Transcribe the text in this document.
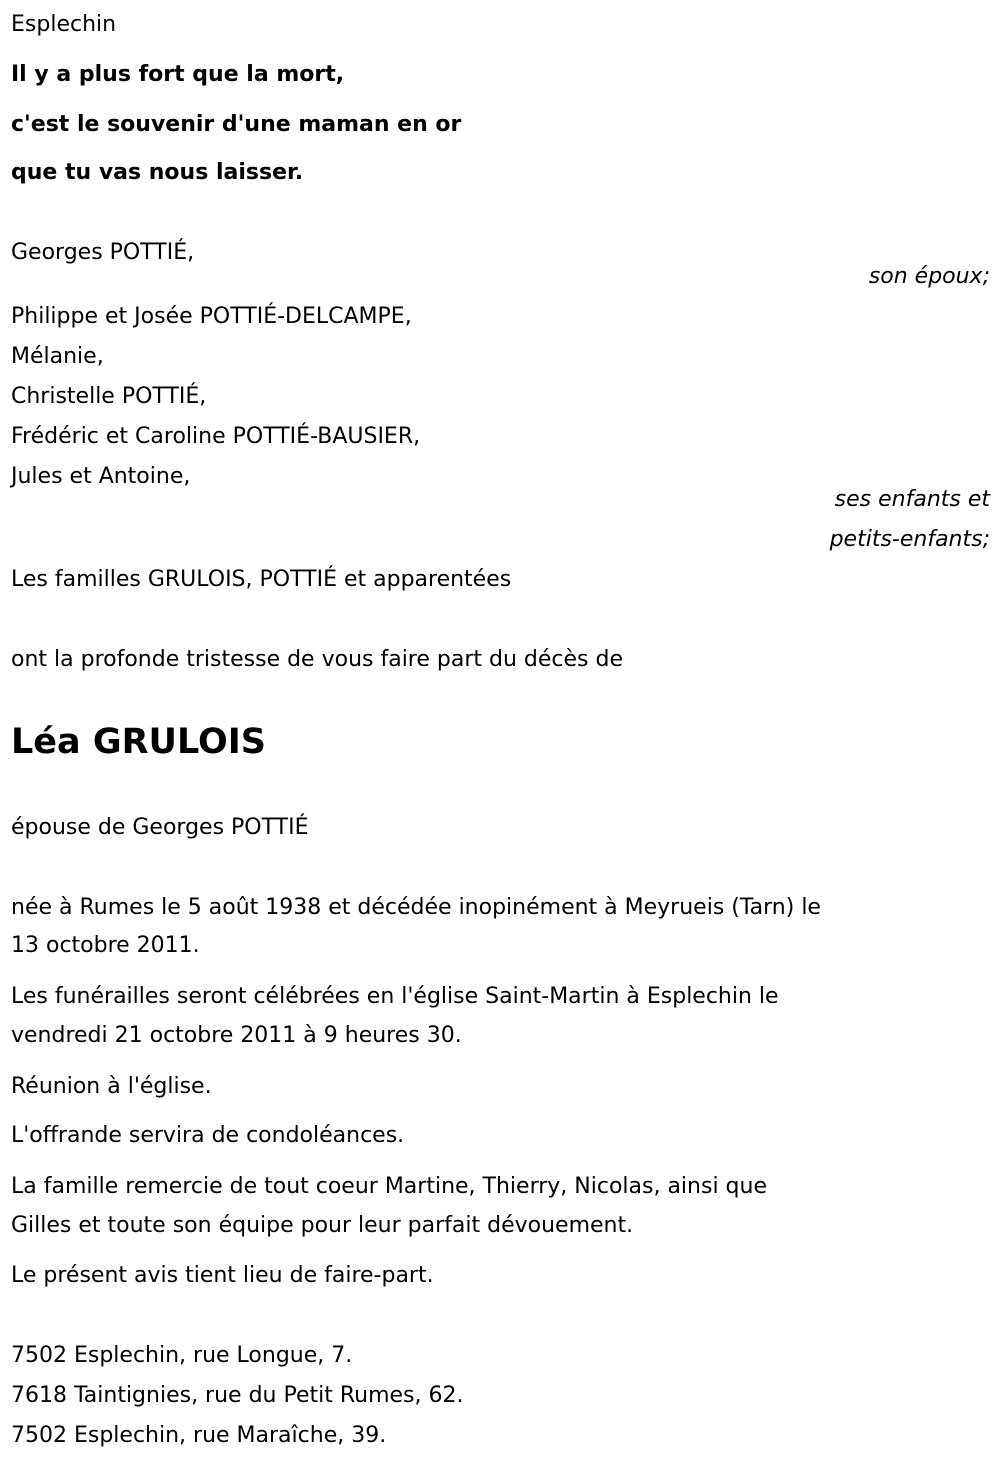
Esplechin
Il y a plus fort que la mort,
c'est le souvenir d'une maman en or
que tu vas nous laisser.
Georges POTTIÉ,
son époux;
Philippe et Josée POTTIÉ-DELCAMPE,
Mélanie,
Christelle POTTIÉ,
Frédéric et Caroline POTTIÉ-BAUSIER,
Jules et Antoine,
ses enfants et
petits-enfants;
Les familles GRULOIS, POTTIÉ et apparentées
ont la profonde tristesse de vous faire part du décès de
Léa GRULOIS
épouse de Georges POTTIÉ
née à Rumes le 5 août 1938 et décédée inopinément à Meyrueis (Tarn) le
13 octobre 2011.
Les funérailles seront célébrées en l'église Saint-Martin à Esplechin le
vendredi 21 octobre 2011 à 9 heures 30.
Réunion à l'église.
L'offrande servira de condoléances.
La famille remercie de tout coeur Martine, Thierry, Nicolas, ainsi que
Gilles et toute son équipe pour leur parfait dévouement.
Le présent avis tient lieu de faire-part.
7502 Esplechin, rue Longue, 7.
7618 Taintignies, rue du Petit Rumes, 62.
7502 Esplechin, rue Maraîche, 39.
